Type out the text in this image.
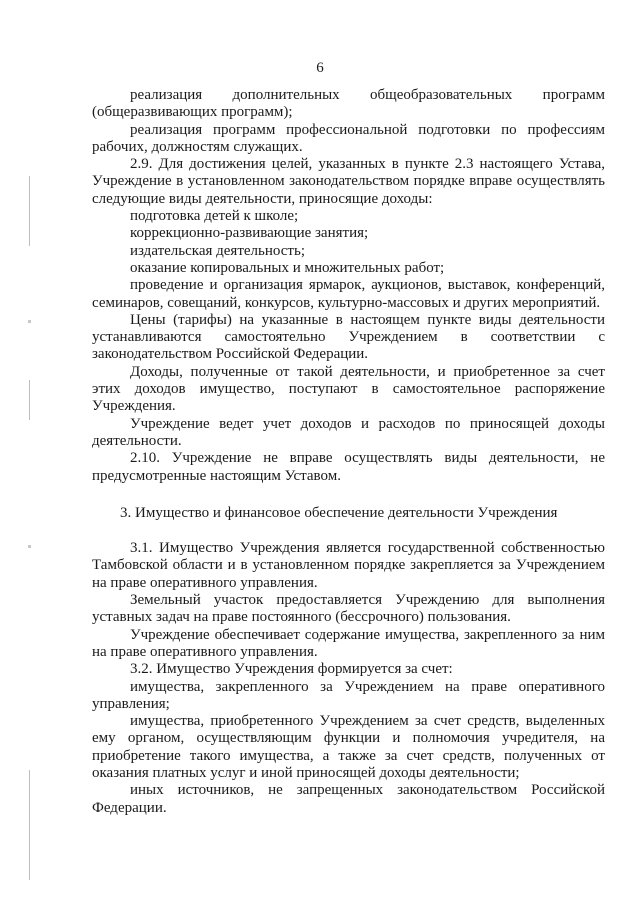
6

реализация дополнительных общеобразовательных программ (общеразвивающих программ);

реализация программ профессиональной подготовки по профессиям рабочих, должностям служащих.

2.9. Для достижения целей, указанных в пункте 2.3 настоящего Устава, Учреждение в установленном законодательством порядке вправе осуществлять следующие виды деятельности, приносящие доходы:

подготовка детей к школе;

коррекционно-развивающие занятия;

издательская деятельность;

оказание копировальных и множительных работ;

проведение и организация ярмарок, аукционов, выставок, конференций, семинаров, совещаний, конкурсов, культурно-массовых и других мероприятий.

Цены (тарифы) на указанные в настоящем пункте виды деятельности устанавливаются самостоятельно Учреждением в соответствии с законодательством Российской Федерации.

Доходы, полученные от такой деятельности, и приобретенное за счет этих доходов имущество, поступают в самостоятельное распоряжение Учреждения.

Учреждение ведет учет доходов и расходов по приносящей доходы деятельности.

2.10. Учреждение не вправе осуществлять виды деятельности, не предусмотренные настоящим Уставом.

3. Имущество и финансовое обеспечение деятельности Учреждения

3.1. Имущество Учреждения является государственной собственностью Тамбовской области и в установленном порядке закрепляется за Учреждением на праве оперативного управления.

Земельный участок предоставляется Учреждению для выполнения уставных задач на праве постоянного (бессрочного) пользования.

Учреждение обеспечивает содержание имущества, закрепленного за ним на праве оперативного управления.

3.2. Имущество Учреждения формируется за счет:

имущества, закрепленного за Учреждением на праве оперативного управления;

имущества, приобретенного Учреждением за счет средств, выделенных ему органом, осуществляющим функции и полномочия учредителя, на приобретение такого имущества, а также за счет средств, полученных от оказания платных услуг и иной приносящей доходы деятельности;

иных источников, не запрещенных законодательством Российской Федерации.
